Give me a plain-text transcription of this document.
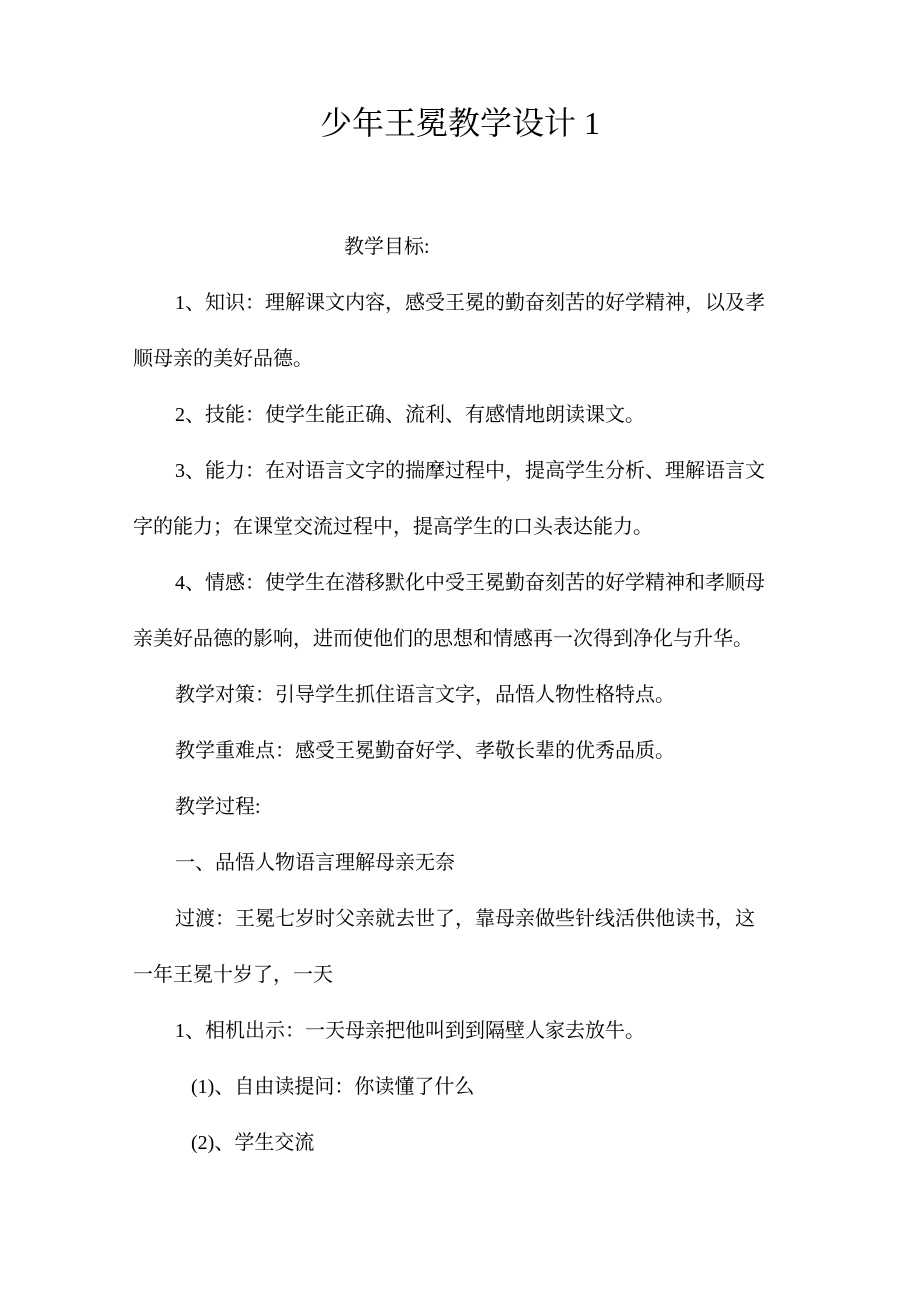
少年王冕教学设计 1
教学目标:
1、知识：理解课文内容，感受王冕的勤奋刻苦的好学精神，以及孝
顺母亲的美好品德。
2、技能：使学生能正确、流利、有感情地朗读课文。
3、能力：在对语言文字的揣摩过程中，提高学生分析、理解语言文
字的能力；在课堂交流过程中，提高学生的口头表达能力。
4、情感：使学生在潜移默化中受王冕勤奋刻苦的好学精神和孝顺母
亲美好品德的影响，进而使他们的思想和情感再一次得到净化与升华。
教学对策：引导学生抓住语言文字，品悟人物性格特点。
教学重难点：感受王冕勤奋好学、孝敬长辈的优秀品质。
教学过程:
一、品悟人物语言理解母亲无奈
过渡：王冕七岁时父亲就去世了，靠母亲做些针线活供他读书，这
一年王冕十岁了，一天
1、相机出示：一天母亲把他叫到到隔壁人家去放牛。
(1)、自由读提问：你读懂了什么
(2)、学生交流
